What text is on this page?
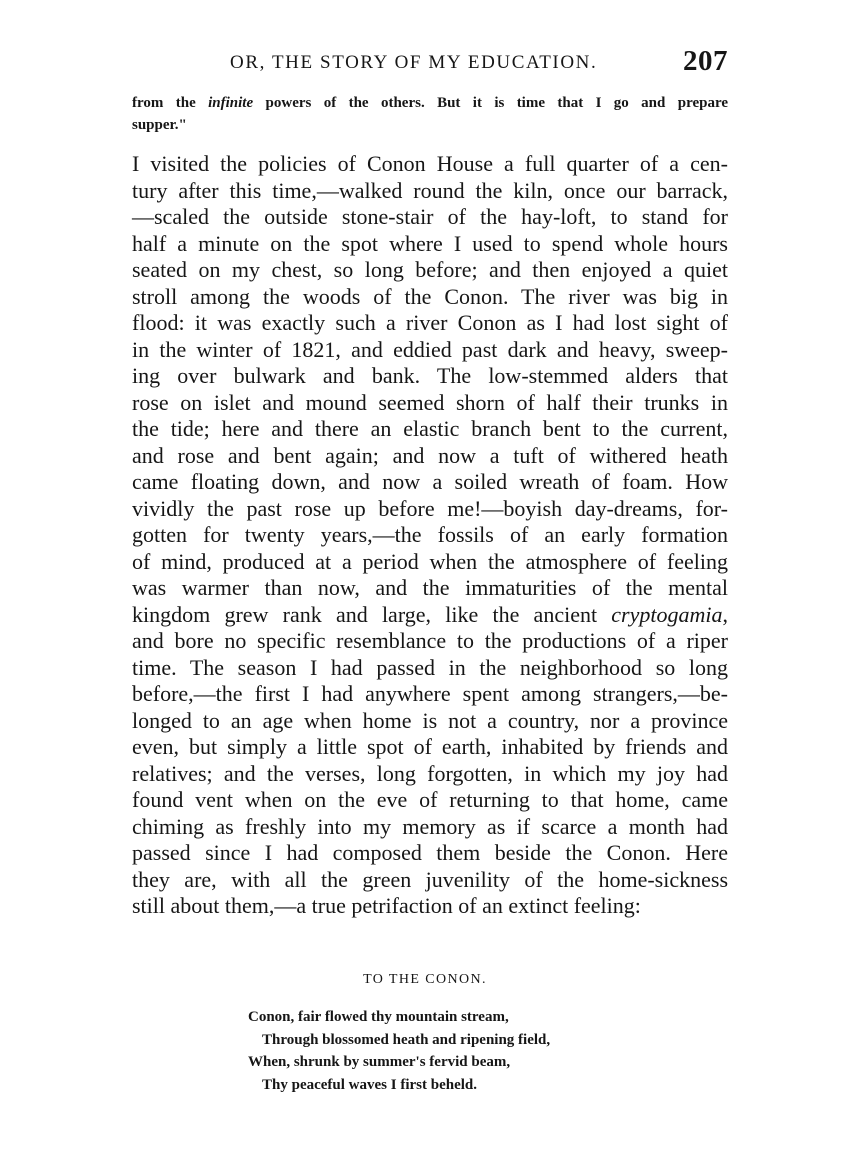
OR, THE STORY OF MY EDUCATION.	207
from the infinite powers of the others. But it is time that I go and prepare
supper."
I visited the policies of Conon House a full quarter of a cen-
tury after this time,—walked round the kiln, once our barrack,
—scaled the outside stone-stair of the hay-loft, to stand for
half a minute on the spot where I used to spend whole hours
seated on my chest, so long before; and then enjoyed a quiet
stroll among the woods of the Conon. The river was big in
flood: it was exactly such a river Conon as I had lost sight of
in the winter of 1821, and eddied past dark and heavy, sweep-
ing over bulwark and bank. The low-stemmed alders that
rose on islet and mound seemed shorn of half their trunks in
the tide; here and there an elastic branch bent to the current,
and rose and bent again; and now a tuft of withered heath
came floating down, and now a soiled wreath of foam. How
vividly the past rose up before me!—boyish day-dreams, for-
gotten for twenty years,—the fossils of an early formation
of mind, produced at a period when the atmosphere of feeling
was warmer than now, and the immaturities of the mental
kingdom grew rank and large, like the ancient cryptogamia,
and bore no specific resemblance to the productions of a riper
time. The season I had passed in the neighborhood so long
before,—the first I had anywhere spent among strangers,—be-
longed to an age when home is not a country, nor a province
even, but simply a little spot of earth, inhabited by friends and
relatives; and the verses, long forgotten, in which my joy had
found vent when on the eve of returning to that home, came
chiming as freshly into my memory as if scarce a month had
passed since I had composed them beside the Conon. Here
they are, with all the green juvenility of the home-sickness
still about them,—a true petrifaction of an extinct feeling:
TO THE CONON.
Conon, fair flowed thy mountain stream,
Through blossomed heath and ripening field,
When, shrunk by summer's fervid beam,
Thy peaceful waves I first beheld.
